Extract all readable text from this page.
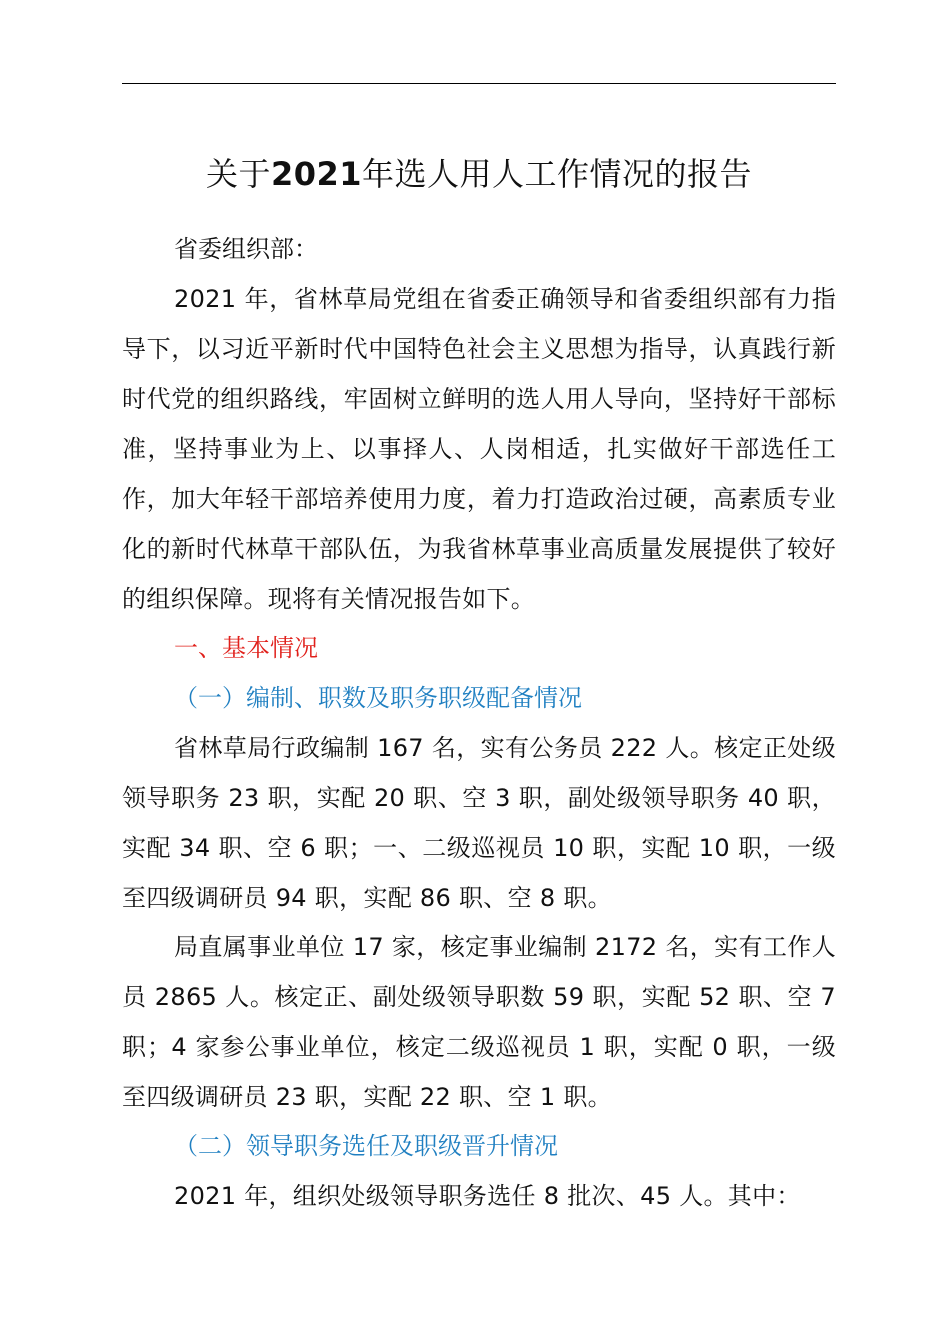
关于2021年选人用人工作情况的报告
省委组织部：
2021 年，省林草局党组在省委正确领导和省委组织部有力指导下，以习近平新时代中国特色社会主义思想为指导，认真践行新时代党的组织路线，牢固树立鲜明的选人用人导向，坚持好干部标准，坚持事业为上、以事择人、人岗相适，扎实做好干部选任工作，加大年轻干部培养使用力度，着力打造政治过硬，高素质专业化的新时代林草干部队伍，为我省林草事业高质量发展提供了较好的组织保障。现将有关情况报告如下。
一、基本情况
（一）编制、职数及职务职级配备情况
省林草局行政编制 167 名，实有公务员 222 人。核定正处级领导职务 23 职，实配 20 职、空 3 职，副处级领导职务 40 职，实配 34 职、空 6 职；一、二级巡视员 10 职，实配 10 职，一级至四级调研员 94 职，实配 86 职、空 8 职。
局直属事业单位 17 家，核定事业编制 2172 名，实有工作人员 2865 人。核定正、副处级领导职数 59 职，实配 52 职、空 7 职；4 家参公事业单位，核定二级巡视员 1 职，实配 0 职，一级至四级调研员 23 职，实配 22 职、空 1 职。
（二）领导职务选任及职级晋升情况
2021 年，组织处级领导职务选任 8 批次、45 人。其中：
